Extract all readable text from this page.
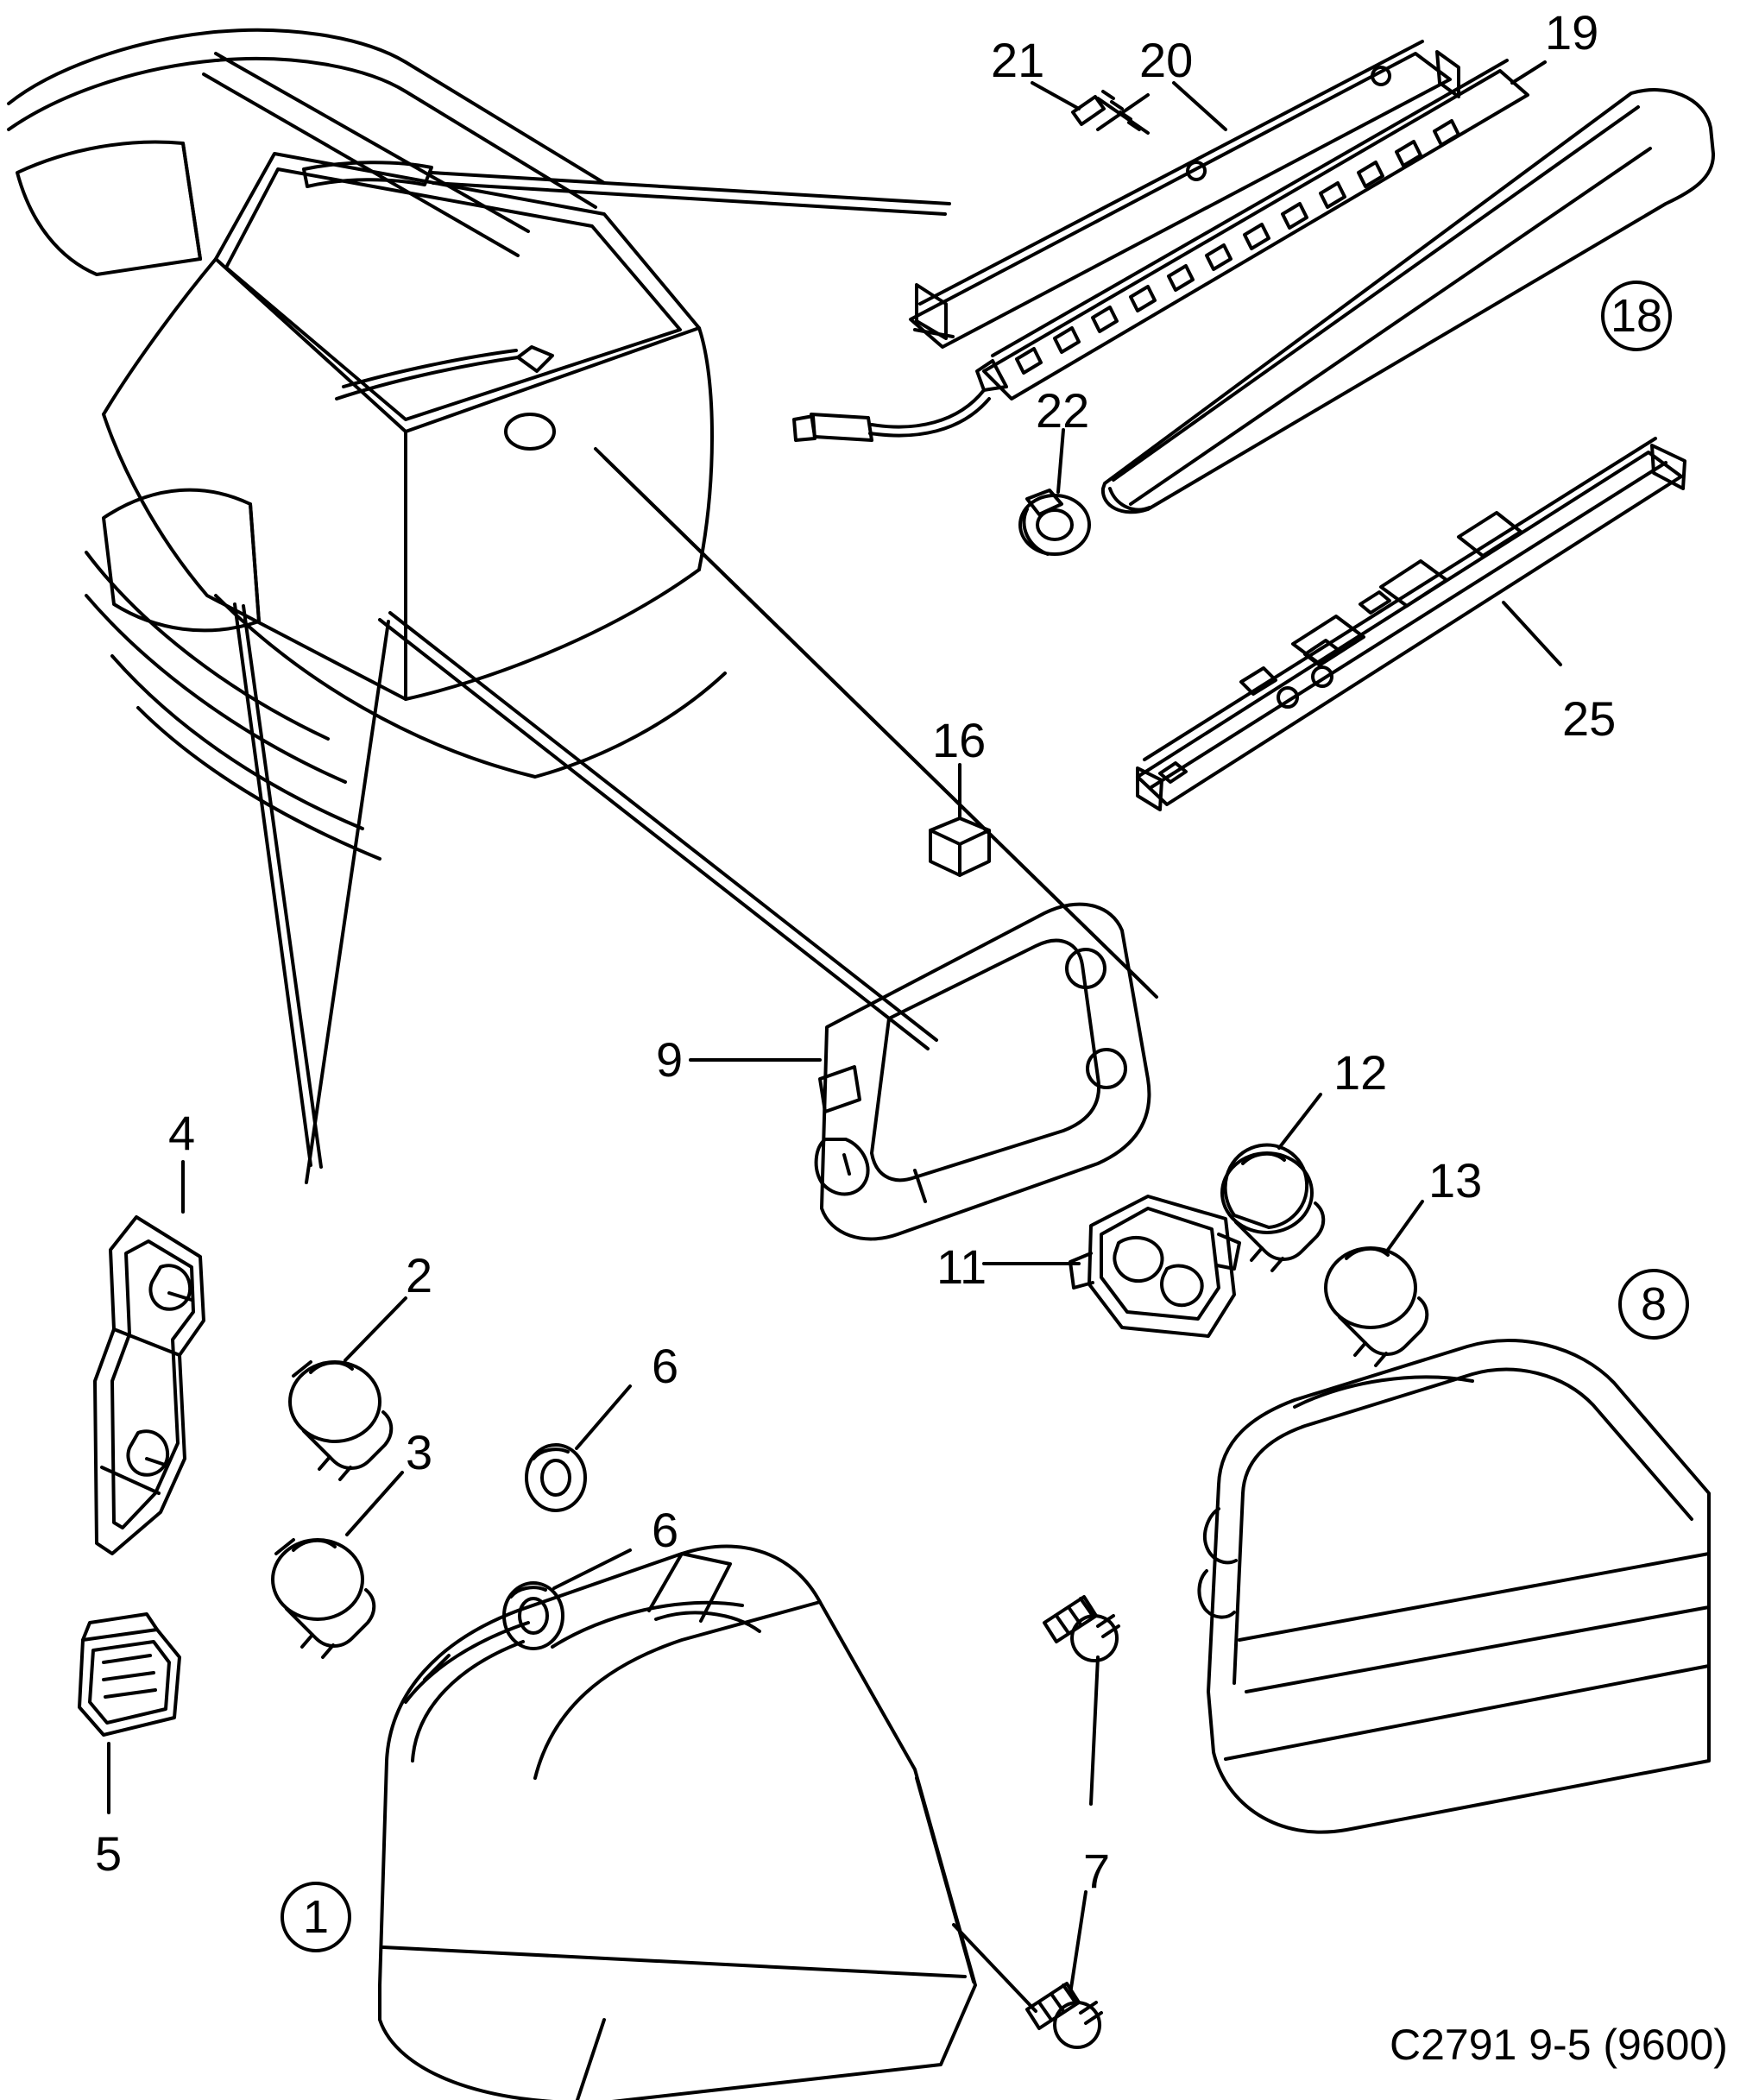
21 20
19
18
22
25
16
9	12
13
11
8
4
2
3
6
6
5	7
1
C2791 9-5 (9600)
